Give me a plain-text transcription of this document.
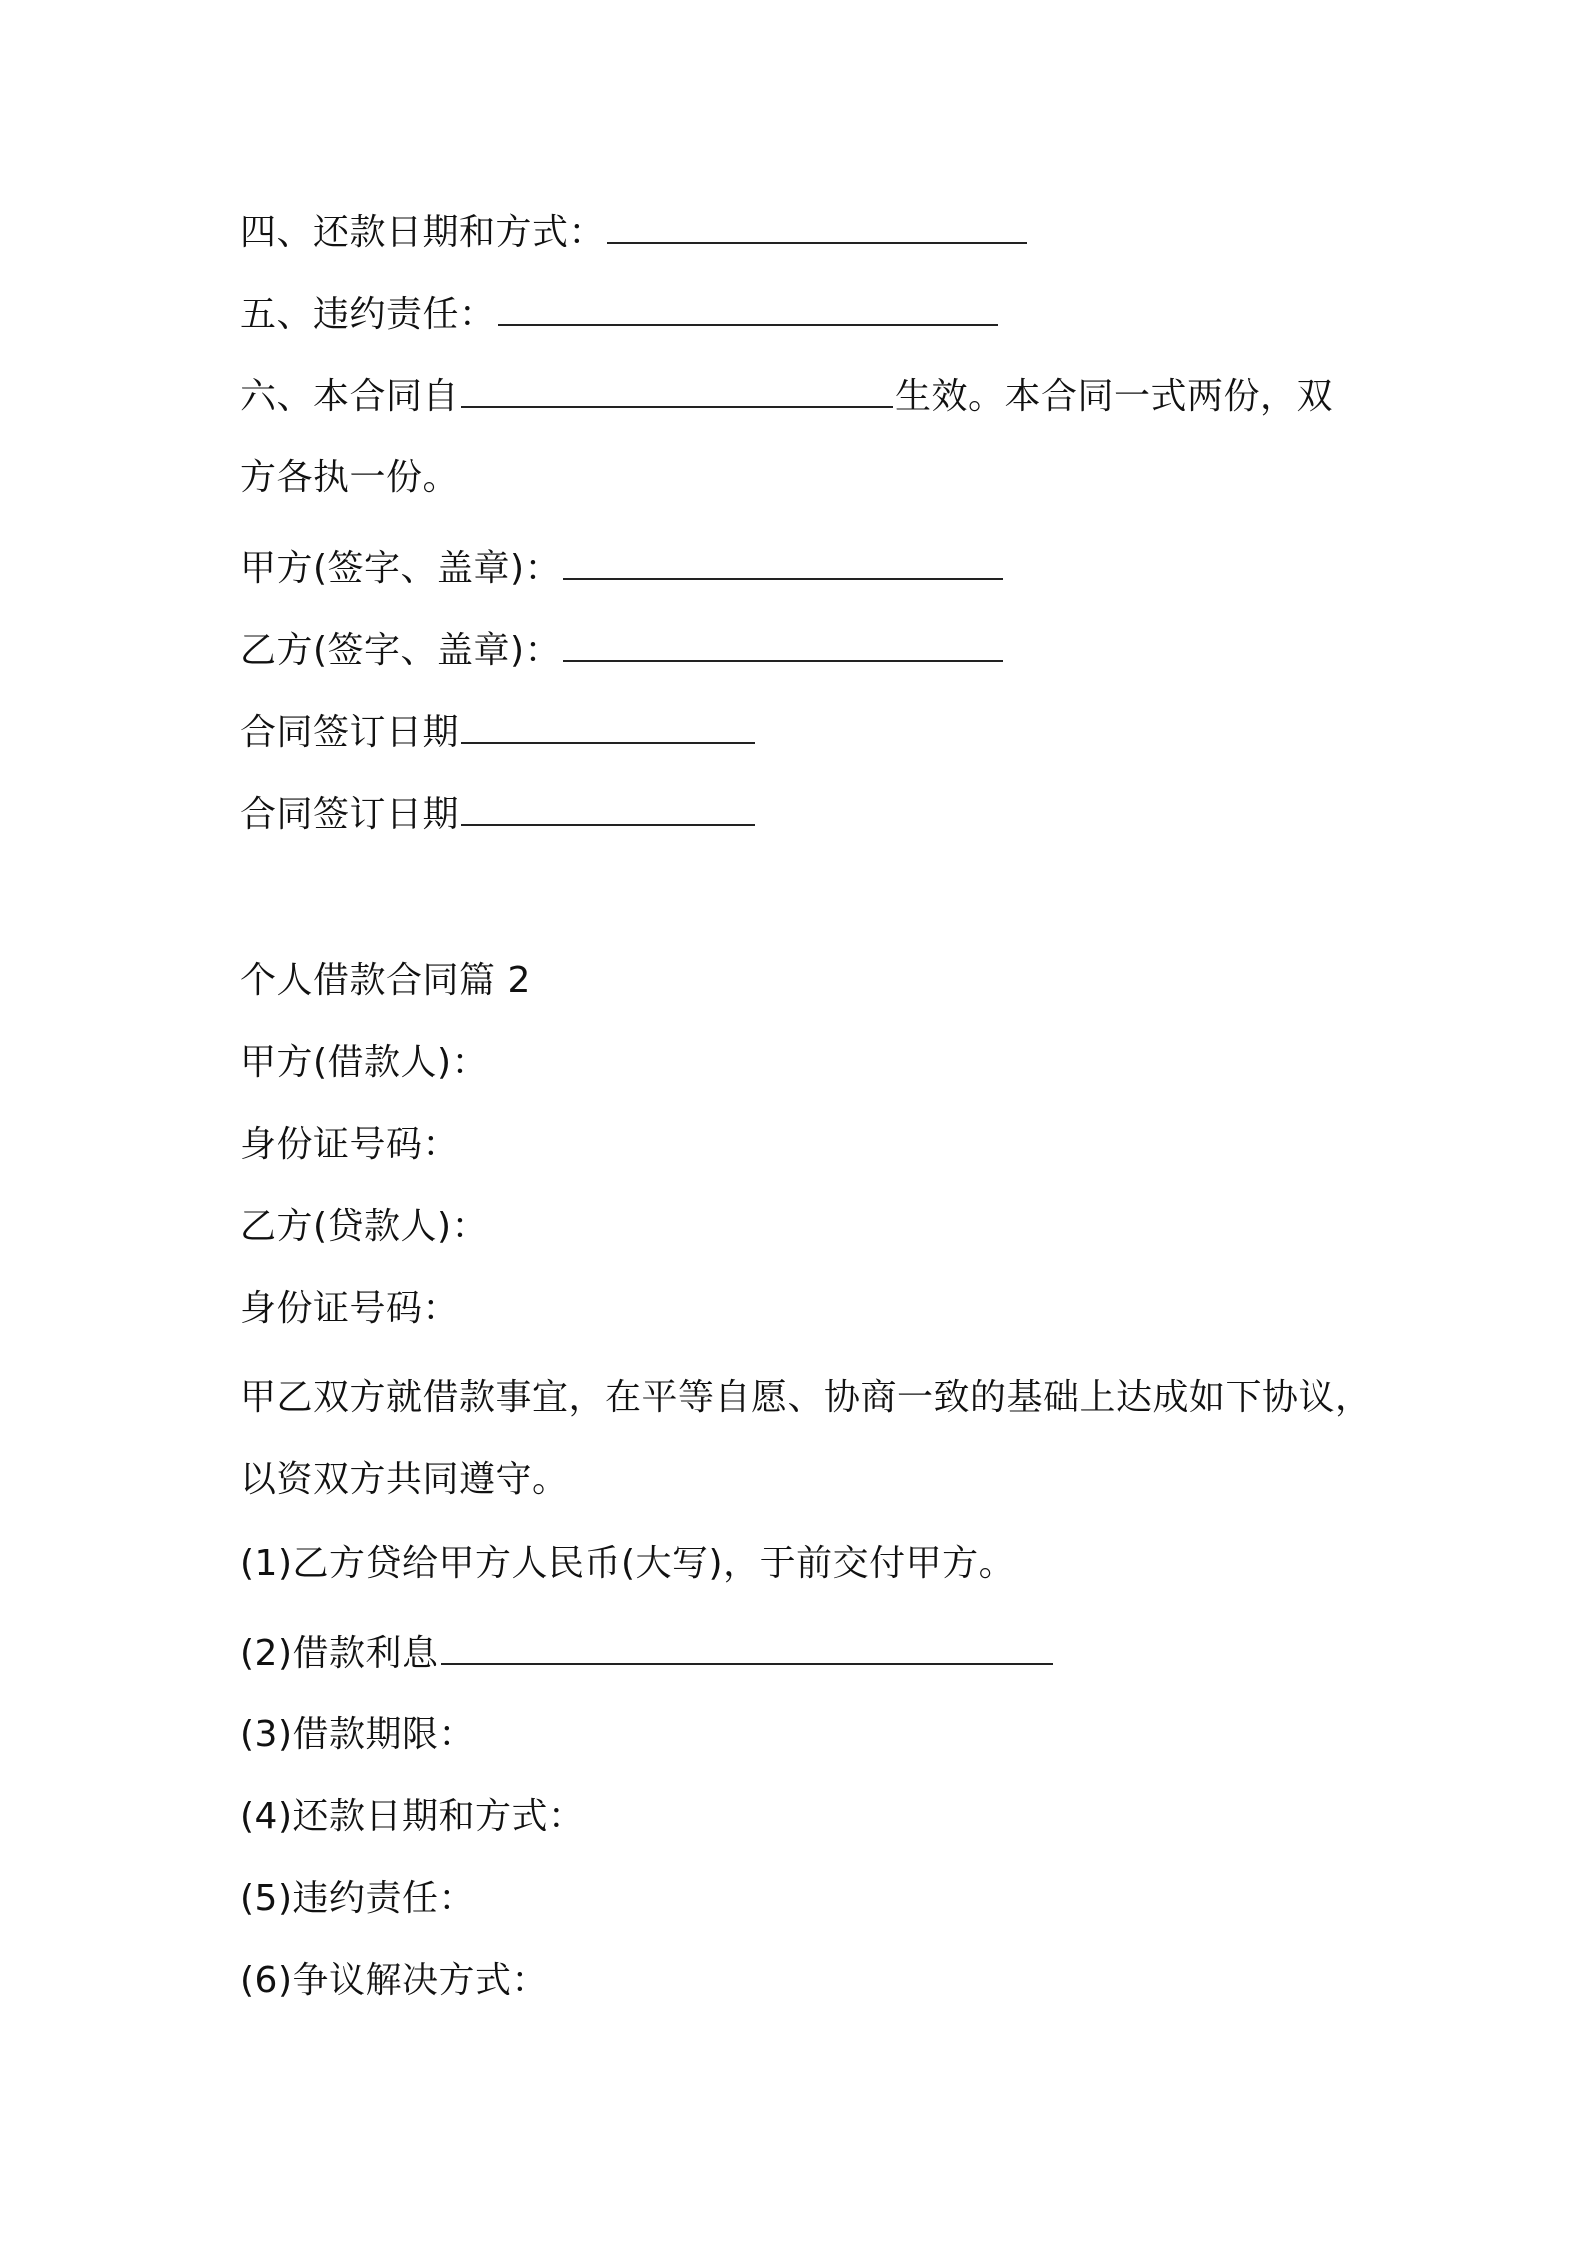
四、还款日期和方式：
五、违约责任：
六、本合同自	生效。本合同一式两份，双
方各执一份。
甲方(签字、盖章)：
乙方(签字、盖章)：
合同签订日期
合同签订日期
个人借款合同篇 2
甲方(借款人)：
身份证号码：
乙方(贷款人)：
身份证号码：
甲乙双方就借款事宜，在平等自愿、协商一致的基础上达成如下协议，
以资双方共同遵守。
(1)乙方贷给甲方人民币(大写)，于前交付甲方。
(2)借款利息
(3)借款期限：
(4)还款日期和方式：
(5)违约责任：
(6)争议解决方式：
